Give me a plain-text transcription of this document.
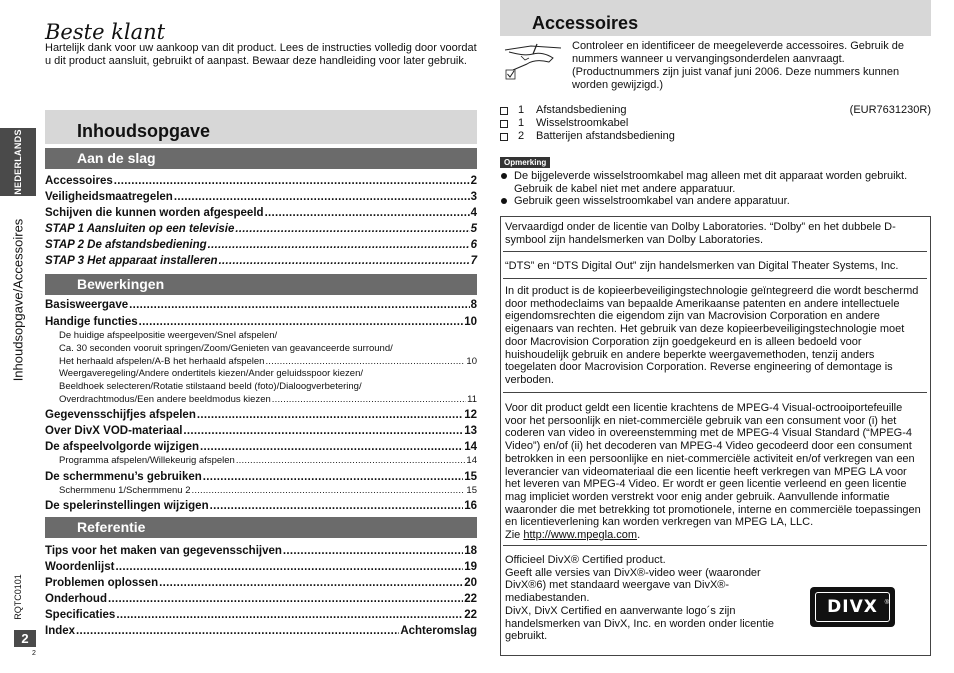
NEDERLANDS
Inhoudsopgave/Accessoires
RQTC0101
2
2
Beste klant
Hartelijk dank voor uw aankoop van dit product. Lees de instructies volledig door voordat u dit product aansluit, gebruikt of aanpast. Bewaar deze handleiding voor later gebruik.
Inhoudsopgave
Aan de slag
Accessoires .....	2
Veiligheidsmaatregelen .....	3
Schijven die kunnen worden afgespeeld .....	4
STAP 1 Aansluiten op een televisie .....	5
STAP 2 De afstandsbediening .....	6
STAP 3 Het apparaat installeren .....	7
Bewerkingen
Basisweergave .....	8
Handige functies .....	10
De huidige afspeelpositie weergeven/Snel afspelen/
Ca. 30 seconden vooruit springen/Zoom/Genieten van geavanceerde surround/
Het herhaald afspelen/A-B het herhaald afspelen .....	10
Weergaveregeling/Andere ondertitels kiezen/Ander geluidsspoor kiezen/
Beeldhoek selecteren/Rotatie stilstaand beeld (foto)/Dialoogverbetering/
Overdrachtmodus/Een andere beeldmodus kiezen .....	11
Gegevensschijfjes afspelen .....	12
Over DivX VOD-materiaal .....	13
De afspeelvolgorde wijzigen .....	14
Programma afspelen/Willekeurig afspelen .....	14
De schermmenu’s gebruiken .....	15
Schermmenu 1/Schermmenu 2 .....	15
De spelerinstellingen wijzigen .....	16
Referentie
Tips voor het maken van gegevensschijven .....	18
Woordenlijst .....	19
Problemen oplossen .....	20
Onderhoud .....	22
Specificaties .....	22
Index .....	Achteromslag
Accessoires
Controleer en identificeer de meegeleverde accessoires. Gebruik de nummers wanneer u vervangingsonderdelen aanvraagt. (Productnummers zijn juist vanaf juni 2006. Deze nummers kunnen worden gewijzigd.)
1 Afstandsbediening	(EUR7631230R)
1 Wisselstroomkabel
2 Batterijen afstandsbediening
Opmerking
De bijgeleverde wisselstroomkabel mag alleen met dit apparaat worden gebruikt. Gebruik de kabel niet met andere apparatuur.
Gebruik geen wisselstroomkabel van andere apparatuur.
Vervaardigd onder de licentie van Dolby Laboratories. “Dolby” en het dubbele D-symbool zijn handelsmerken van Dolby Laboratories.
“DTS” en “DTS Digital Out” zijn handelsmerken van Digital Theater Systems, Inc.
In dit product is de kopieerbeveiligingstechnologie geïntegreerd die wordt beschermd door methodeclaims van bepaalde Amerikaanse patenten en andere intellectuele eigendomsrechten die eigendom zijn van Macrovision Corporation en andere eigenaars van rechten. Het gebruik van deze kopieerbeveiligingstechnologie moet door Macrovision Corporation zijn goedgekeurd en is alleen bedoeld voor huishoudelijk gebruik en andere beperkte weergavemethoden, tenzij anders toegelaten door Macrovision Corporation. Reverse engineering of demontage is verboden.
Voor dit product geldt een licentie krachtens de MPEG-4 Visual-octrooiportefeuille voor het persoonlijk en niet-commerciële gebruik van een consument voor (i) het coderen van video in overeenstemming met de MPEG-4 Visual Standard (“MPEG-4 Video”) en/of (ii) het decoderen van MPEG-4 Video gecodeerd door een consument betrokken in een persoonlijke en niet-commerciële activiteit en/of verkregen van een leverancier van videomateriaal die een licentie heeft verkregen van MPEG LA voor het leveren van MPEG-4 Video. Er wordt er geen licentie verleend en geen licentie mag impliciet worden verstrekt voor enig ander gebruik. Aanvullende informatie waaronder die met betrekking tot promotionele, interne en commerciële toepassingen en licentieverlening kan worden verkregen van MPEG LA, LLC.
Zie http://www.mpegla.com.
Officieel DivX® Certified product.
Geeft alle versies van DivX®-video weer (waaronder DivX®6) met standaard weergave van DivX®-mediabestanden.
DivX, DivX Certified en aanverwante logo´s zijn handelsmerken van DivX, Inc. en worden onder licentie gebruikt.
DIVX	®
